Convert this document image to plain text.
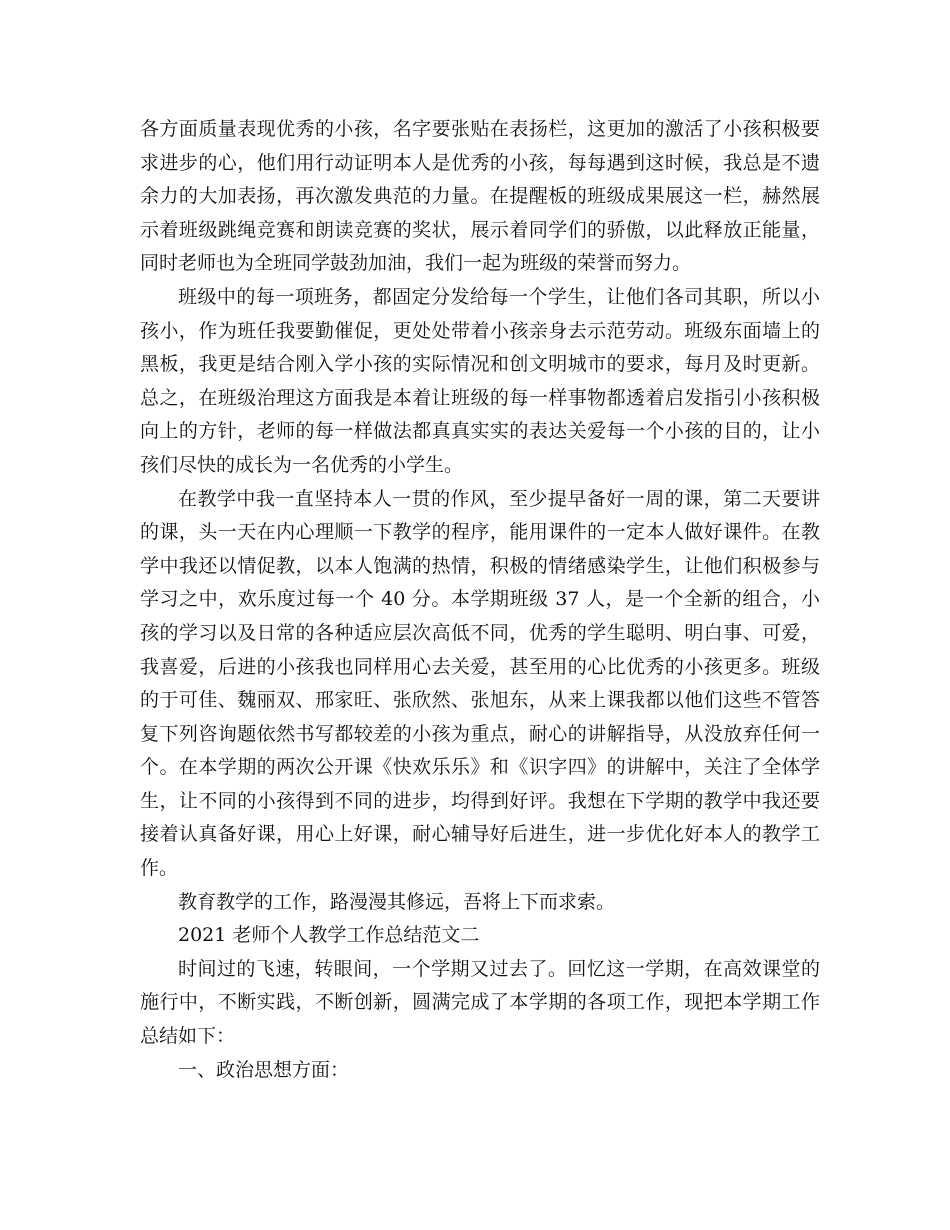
各方面质量表现优秀的小孩，名字要张贴在表扬栏，这更加的激活了小孩积极要求进步的心，他们用行动证明本人是优秀的小孩，每每遇到这时候，我总是不遗余力的大加表扬，再次激发典范的力量。在提醒板的班级成果展这一栏，赫然展示着班级跳绳竞赛和朗读竞赛的奖状，展示着同学们的骄傲，以此释放正能量，同时老师也为全班同学鼓劲加油，我们一起为班级的荣誉而努力。

班级中的每一项班务，都固定分发给每一个学生，让他们各司其职，所以小孩小，作为班任我要勤催促，更处处带着小孩亲身去示范劳动。班级东面墙上的黑板，我更是结合刚入学小孩的实际情况和创文明城市的要求，每月及时更新。总之，在班级治理这方面我是本着让班级的每一样事物都透着启发指引小孩积极向上的方针，老师的每一样做法都真真实实的表达关爱每一个小孩的目的，让小孩们尽快的成长为一名优秀的小学生。

在教学中我一直坚持本人一贯的作风，至少提早备好一周的课，第二天要讲的课，头一天在内心理顺一下教学的程序，能用课件的一定本人做好课件。在教学中我还以情促教，以本人饱满的热情，积极的情绪感染学生，让他们积极参与学习之中，欢乐度过每一个 40 分。本学期班级 37 人，是一个全新的组合，小孩的学习以及日常的各种适应层次高低不同，优秀的学生聪明、明白事、可爱，我喜爱，后进的小孩我也同样用心去关爱，甚至用的心比优秀的小孩更多。班级的于可佳、魏丽双、邢家旺、张欣然、张旭东，从来上课我都以他们这些不管答复下列咨询题依然书写都较差的小孩为重点，耐心的讲解指导，从没放弃任何一个。在本学期的两次公开课《快欢乐乐》和《识字四》的讲解中，关注了全体学生，让不同的小孩得到不同的进步，均得到好评。我想在下学期的教学中我还要接着认真备好课，用心上好课，耐心辅导好后进生，进一步优化好本人的教学工作。

教育教学的工作，路漫漫其修远，吾将上下而求索。

2021 老师个人教学工作总结范文二

时间过的飞速，转眼间，一个学期又过去了。回忆这一学期，在高效课堂的施行中，不断实践，不断创新，圆满完成了本学期的各项工作，现把本学期工作总结如下：

一、政治思想方面：
